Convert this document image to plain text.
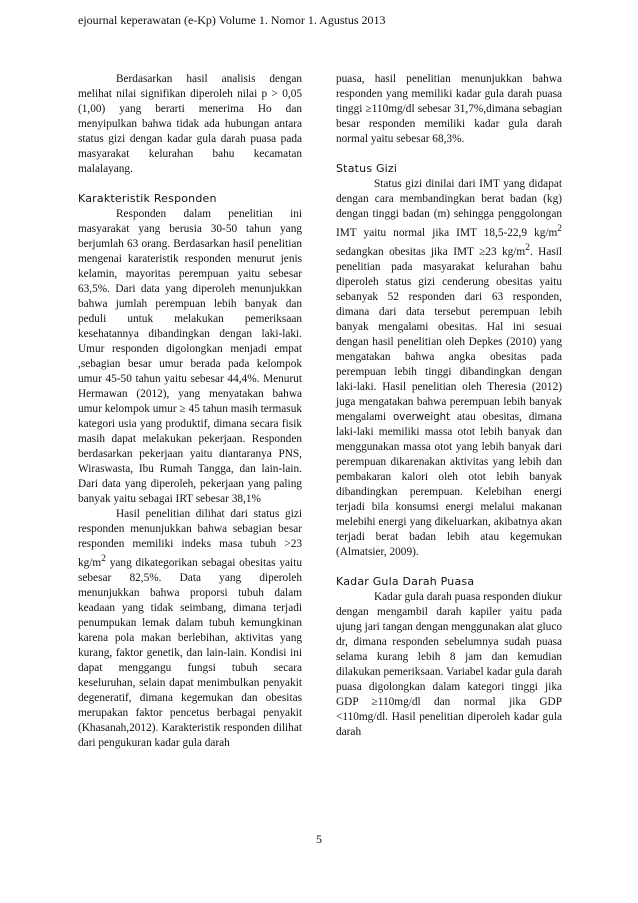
ejournal keperawatan (e-Kp) Volume 1. Nomor 1. Agustus 2013

Berdasarkan hasil analisis dengan melihat nilai signifikan diperoleh nilai p > 0,05 (1,00) yang berarti menerima Ho dan menyipulkan bahwa tidak ada hubungan antara status gizi dengan kadar gula darah puasa pada masyarakat kelurahan bahu kecamatan malalayang.

Karakteristik Responden

Responden dalam penelitian ini masyarakat yang berusia 30-50 tahun yang berjumlah 63 orang. Berdasarkan hasil penelitian mengenai karateristik responden menurut jenis kelamin, mayoritas perempuan yaitu sebesar 63,5%. Dari data yang diperoleh menunjukkan bahwa jumlah perempuan lebih banyak dan peduli untuk melakukan pemeriksaan kesehatannya dibandingkan dengan laki-laki. Umur responden digolongkan menjadi empat ,sebagian besar umur berada pada kelompok umur 45-50 tahun yaitu sebesar 44,4%. Menurut Hermawan (2012), yang menyatakan bahwa umur kelompok umur ≥ 45 tahun masih termasuk kategori usia yang produktif, dimana secara fisik masih dapat melakukan pekerjaan. Responden berdasarkan pekerjaan yaitu diantaranya PNS, Wiraswasta, Ibu Rumah Tangga, dan lain-lain. Dari data yang diperoleh, pekerjaan yang paling banyak yaitu sebagai IRT sebesar 38,1%

Hasil penelitian dilihat dari status gizi responden menunjukkan bahwa sebagian besar responden memiliki indeks masa tubuh >23 $kg/m^2$ yang dikategorikan sebagai obesitas yaitu sebesar 82,5%. Data yang diperoleh menunjukkan bahwa proporsi tubuh dalam keadaan yang tidak seimbang, dimana terjadi penumpukan lemak dalam tubuh kemungkinan karena pola makan berlebihan, aktivitas yang kurang, faktor genetik, dan lain-lain. Kondisi ini dapat menggangu fungsi tubuh secara keseluruhan, selain dapat menimbulkan penyakit degeneratif, dimana kegemukan dan obesitas merupakan faktor pencetus berbagai penyakit (Khasanah,2012). Karakteristik responden dilihat dari pengukuran kadar gula darah

puasa, hasil penelitian menunjukkan bahwa responden yang memiliki kadar gula darah puasa tinggi ≥110mg/dl sebesar 31,7%,dimana sebagian besar responden memiliki kadar gula darah normal yaitu sebesar 68,3%.

Status Gizi

Status gizi dinilai dari IMT yang didapat dengan cara membandingkan berat badan (kg) dengan tinggi badan (m) sehingga penggolongan IMT yaitu normal jika IMT 18,5-22,9 $kg/m^2$ sedangkan obesitas jika IMT ≥23 $kg/m^2$. Hasil penelitian pada masyarakat kelurahan bahu diperoleh status gizi cenderung obesitas yaitu sebanyak 52 responden dari 63 responden, dimana dari data tersebut perempuan lebih banyak mengalami obesitas. Hal ini sesuai dengan hasil penelitian oleh Depkes (2010) yang mengatakan bahwa angka obesitas pada perempuan lebih tinggi dibandingkan dengan laki-laki. Hasil penelitian oleh Theresia (2012) juga mengatakan bahwa perempuan lebih banyak mengalami overweight atau obesitas, dimana laki-laki memiliki massa otot lebih banyak dan menggunakan massa otot yang lebih banyak dari perempuan dikarenakan aktivitas yang lebih dan pembakaran kalori oleh otot lebih banyak dibandingkan perempuan. Kelebihan energi terjadi bila konsumsi energi melalui makanan melebihi energi yang dikeluarkan, akibatnya akan terjadi berat badan lebih atau kegemukan (Almatsier, 2009).

Kadar Gula Darah Puasa

Kadar gula darah puasa responden diukur dengan mengambil darah kapiler yaitu pada ujung jari tangan dengan menggunakan alat gluco dr, dimana responden sebelumnya sudah puasa selama kurang lebih 8 jam dan kemudian dilakukan pemeriksaan. Variabel kadar gula darah puasa digolongkan dalam kategori tinggi jika GDP ≥110mg/dl dan normal jika GDP <110mg/dl. Hasil penelitian diperoleh kadar gula darah

5
